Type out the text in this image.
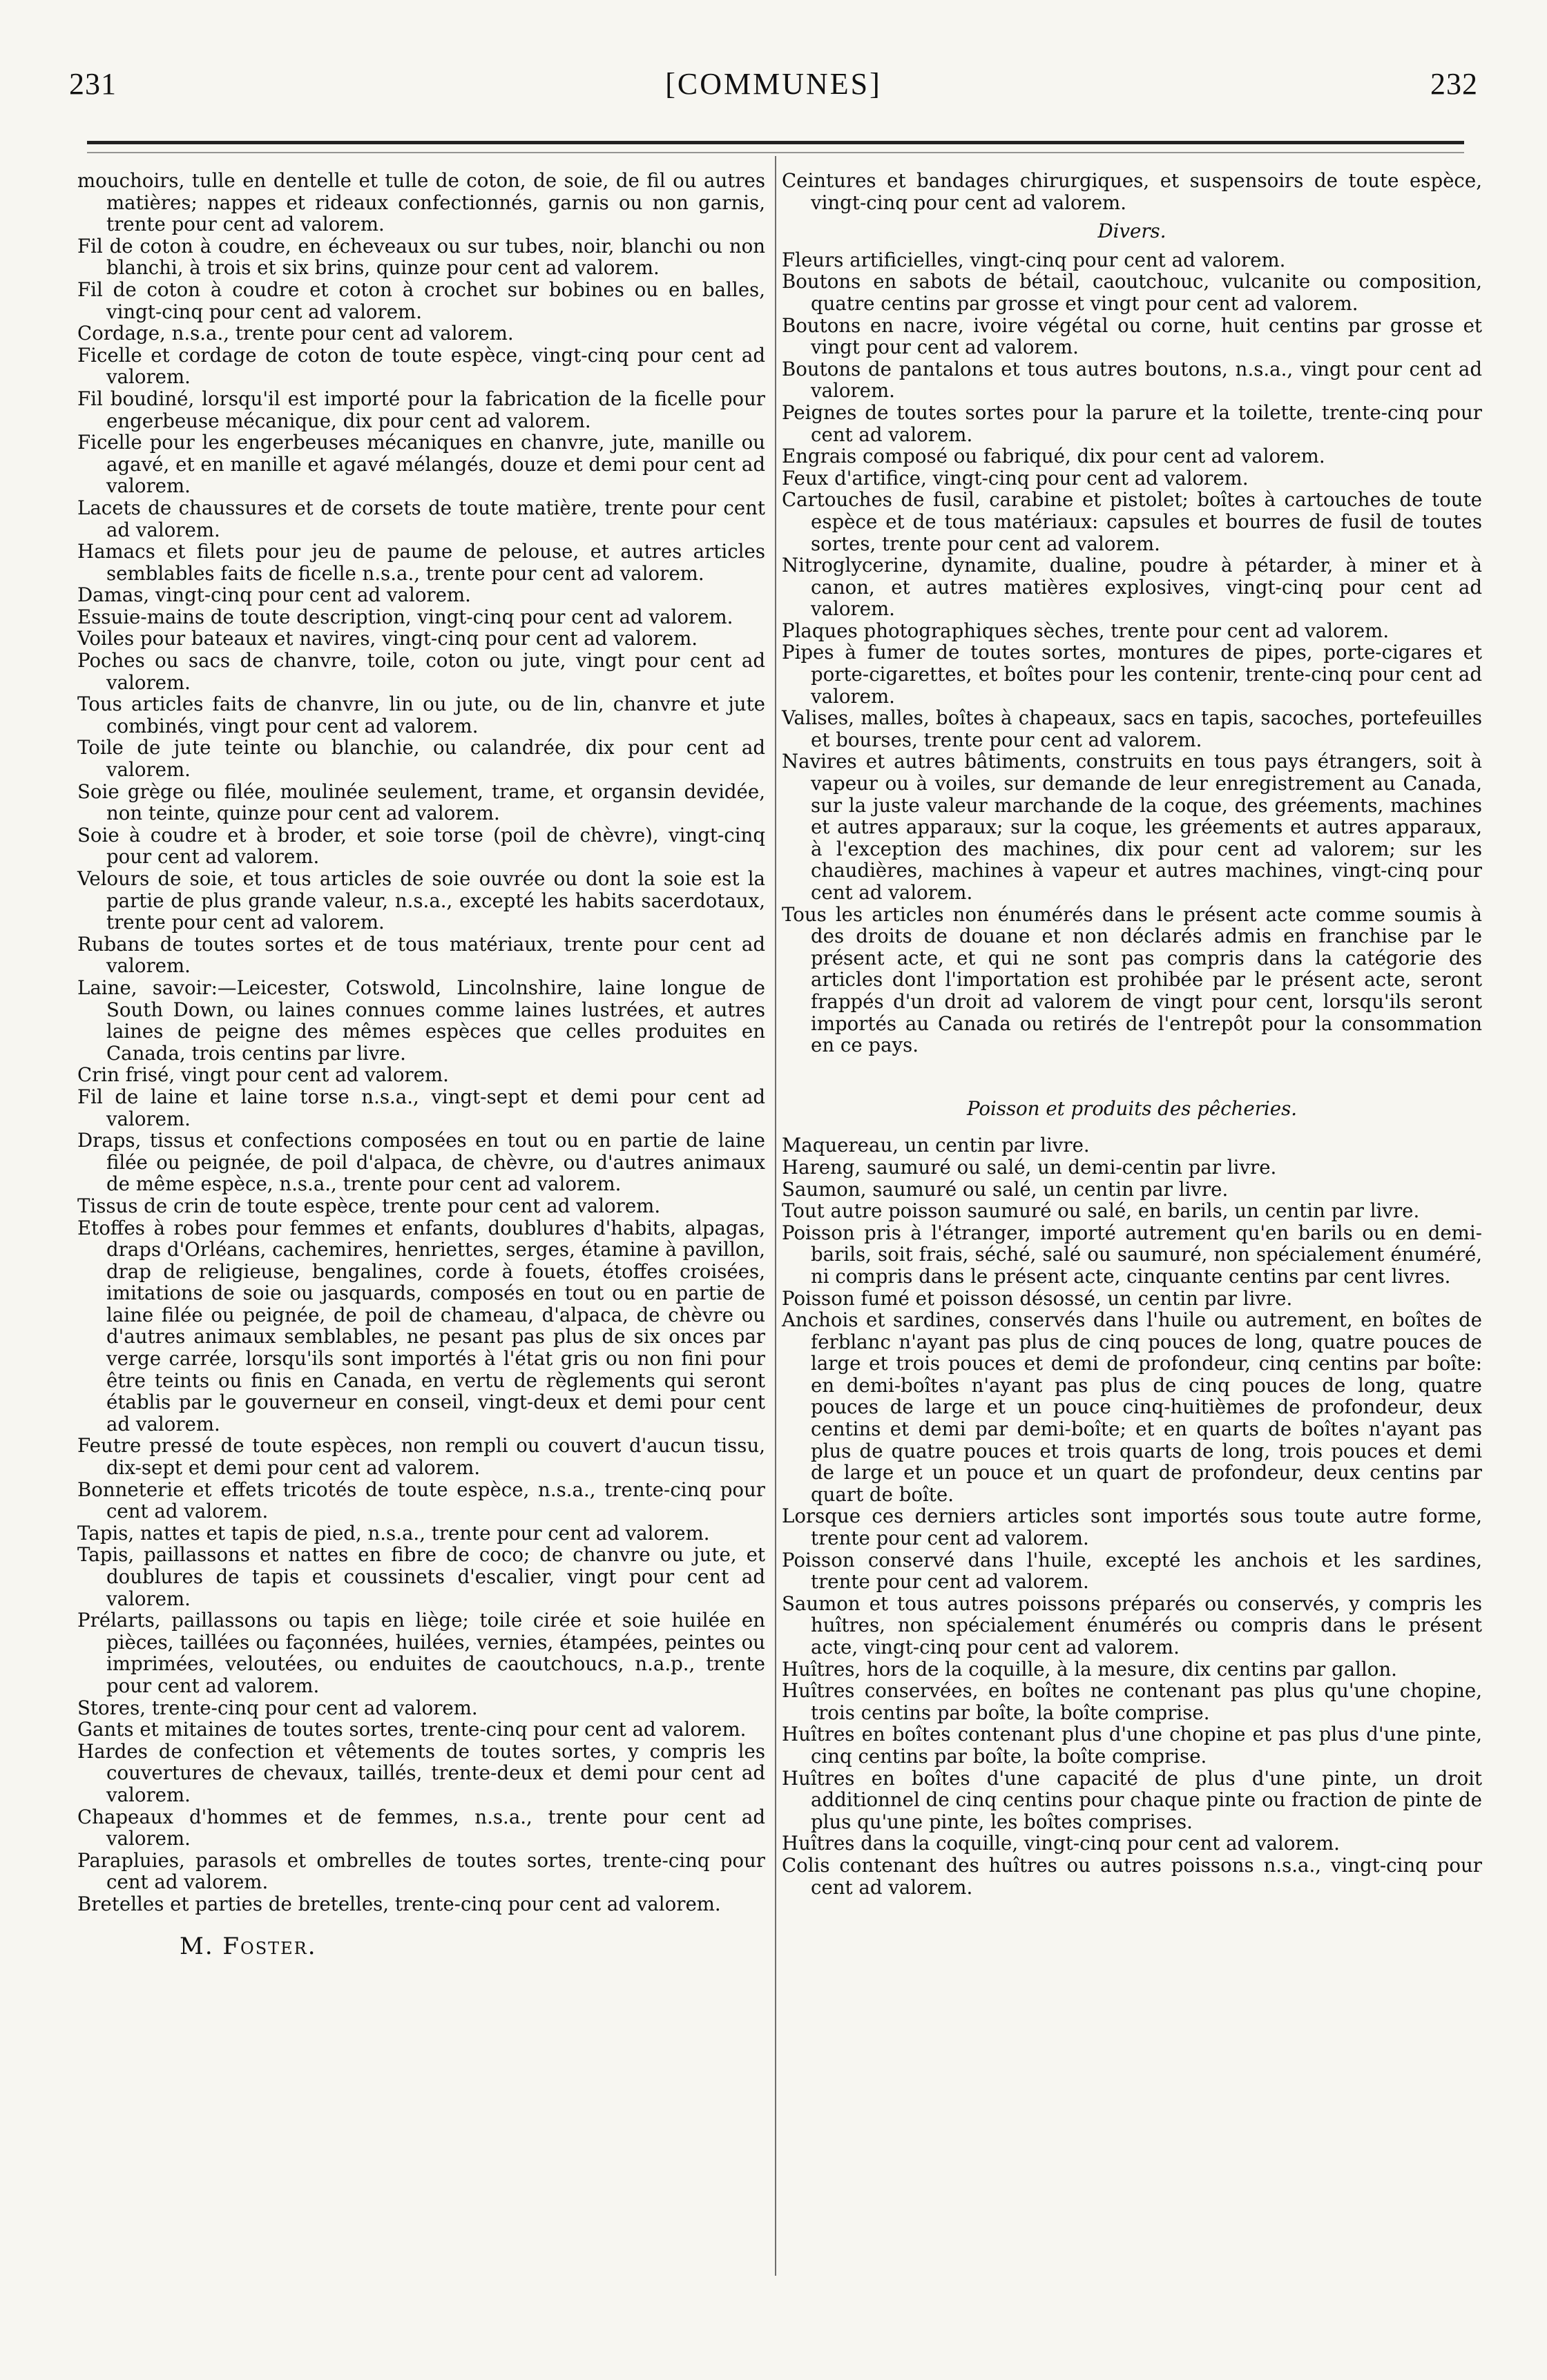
231	[COMMUNES]	232

mouchoirs, tulle en dentelle et tulle de coton, de soie, de fil ou autres matières; nappes et rideaux confectionnés, garnis ou non garnis, trente pour cent ad valorem.

Fil de coton à coudre, en écheveaux ou sur tubes, noir, blanchi ou non blanchi, à trois et six brins, quinze pour cent ad valorem.

Fil de coton à coudre et coton à crochet sur bobines ou en balles, vingt-cinq pour cent ad valorem.

Cordage, n.s.a., trente pour cent ad valorem.

Ficelle et cordage de coton de toute espèce, vingt-cinq pour cent ad valorem.

Fil boudiné, lorsqu'il est importé pour la fabrication de la ficelle pour engerbeuse mécanique, dix pour cent ad valorem.

Ficelle pour les engerbeuses mécaniques en chanvre, jute, manille ou agavé, et en manille et agavé mélangés, douze et demi pour cent ad valorem.

Lacets de chaussures et de corsets de toute matière, trente pour cent ad valorem.

Hamacs et filets pour jeu de paume de pelouse, et autres articles semblables faits de ficelle n.s.a., trente pour cent ad valorem.

Damas, vingt-cinq pour cent ad valorem.

Essuie-mains de toute description, vingt-cinq pour cent ad valorem.

Voiles pour bateaux et navires, vingt-cinq pour cent ad valorem.

Poches ou sacs de chanvre, toile, coton ou jute, vingt pour cent ad valorem.

Tous articles faits de chanvre, lin ou jute, ou de lin, chanvre et jute combinés, vingt pour cent ad valorem.

Toile de jute teinte ou blanchie, ou calandrée, dix pour cent ad valorem.

Soie grège ou filée, moulinée seulement, trame, et organsin devidée, non teinte, quinze pour cent ad valorem.

Soie à coudre et à broder, et soie torse (poil de chèvre), vingt-cinq pour cent ad valorem.

Velours de soie, et tous articles de soie ouvrée ou dont la soie est la partie de plus grande valeur, n.s.a., excepté les habits sacerdotaux, trente pour cent ad valorem.

Rubans de toutes sortes et de tous matériaux, trente pour cent ad valorem.

Laine, savoir:—Leicester, Cotswold, Lincolnshire, laine longue de South Down, ou laines connues comme laines lustrées, et autres laines de peigne des mêmes espèces que celles produites en Canada, trois centins par livre.

Crin frisé, vingt pour cent ad valorem.

Fil de laine et laine torse n.s.a., vingt-sept et demi pour cent ad valorem.

Draps, tissus et confections composées en tout ou en partie de laine filée ou peignée, de poil d'alpaca, de chèvre, ou d'autres animaux de même espèce, n.s.a., trente pour cent ad valorem.

Tissus de crin de toute espèce, trente pour cent ad valorem.

Etoffes à robes pour femmes et enfants, doublures d'habits, alpagas, draps d'Orléans, cachemires, henriettes, serges, étamine à pavillon, drap de religieuse, bengalines, corde à fouets, étoffes croisées, imitations de soie ou jasquards, composés en tout ou en partie de laine filée ou peignée, de poil de chameau, d'alpaca, de chèvre ou d'autres animaux semblables, ne pesant pas plus de six onces par verge carrée, lorsqu'ils sont importés à l'état gris ou non fini pour être teints ou finis en Canada, en vertu de règlements qui seront établis par le gouverneur en conseil, vingt-deux et demi pour cent ad valorem.

Feutre pressé de toute espèces, non rempli ou couvert d'aucun tissu, dix-sept et demi pour cent ad valorem.

Bonneterie et effets tricotés de toute espèce, n.s.a., trente-cinq pour cent ad valorem.

Tapis, nattes et tapis de pied, n.s.a., trente pour cent ad valorem.

Tapis, paillassons et nattes en fibre de coco; de chanvre ou jute, et doublures de tapis et coussinets d'escalier, vingt pour cent ad valorem.

Prélarts, paillassons ou tapis en liège; toile cirée et soie huilée en pièces, taillées ou façonnées, huilées, vernies, étampées, peintes ou imprimées, veloutées, ou enduites de caoutchoucs, n.a.p., trente pour cent ad valorem.

Stores, trente-cinq pour cent ad valorem.

Gants et mitaines de toutes sortes, trente-cinq pour cent ad valorem.

Hardes de confection et vêtements de toutes sortes, y compris les couvertures de chevaux, taillés, trente-deux et demi pour cent ad valorem.

Chapeaux d'hommes et de femmes, n.s.a., trente pour cent ad valorem.

Parapluies, parasols et ombrelles de toutes sortes, trente-cinq pour cent ad valorem.

Bretelles et parties de bretelles, trente-cinq pour cent ad valorem.

M. Foster.

Ceintures et bandages chirurgiques, et suspensoirs de toute espèce, vingt-cinq pour cent ad valorem.

Divers.

Fleurs artificielles, vingt-cinq pour cent ad valorem.

Boutons en sabots de bétail, caoutchouc, vulcanite ou composition, quatre centins par grosse et vingt pour cent ad valorem.

Boutons en nacre, ivoire végétal ou corne, huit centins par grosse et vingt pour cent ad valorem.

Boutons de pantalons et tous autres boutons, n.s.a., vingt pour cent ad valorem.

Peignes de toutes sortes pour la parure et la toilette, trente-cinq pour cent ad valorem.

Engrais composé ou fabriqué, dix pour cent ad valorem.

Feux d'artifice, vingt-cinq pour cent ad valorem.

Cartouches de fusil, carabine et pistolet; boîtes à cartouches de toute espèce et de tous matériaux: capsules et bourres de fusil de toutes sortes, trente pour cent ad valorem.

Nitroglycerine, dynamite, dualine, poudre à pétarder, à miner et à canon, et autres matières explosives, vingt-cinq pour cent ad valorem.

Plaques photographiques sèches, trente pour cent ad valorem.

Pipes à fumer de toutes sortes, montures de pipes, porte-cigares et porte-cigarettes, et boîtes pour les contenir, trente-cinq pour cent ad valorem.

Valises, malles, boîtes à chapeaux, sacs en tapis, sacoches, portefeuilles et bourses, trente pour cent ad valorem.

Navires et autres bâtiments, construits en tous pays étrangers, soit à vapeur ou à voiles, sur demande de leur enregistrement au Canada, sur la juste valeur marchande de la coque, des gréements, machines et autres apparaux; sur la coque, les gréements et autres apparaux, à l'exception des machines, dix pour cent ad valorem; sur les chaudières, machines à vapeur et autres machines, vingt-cinq pour cent ad valorem.

Tous les articles non énumérés dans le présent acte comme soumis à des droits de douane et non déclarés admis en franchise par le présent acte, et qui ne sont pas compris dans la catégorie des articles dont l'importation est prohibée par le présent acte, seront frappés d'un droit ad valorem de vingt pour cent, lorsqu'ils seront importés au Canada ou retirés de l'entrepôt pour la consommation en ce pays.

Poisson et produits des pêcheries.

Maquereau, un centin par livre.

Hareng, saumuré ou salé, un demi-centin par livre.

Saumon, saumuré ou salé, un centin par livre.

Tout autre poisson saumuré ou salé, en barils, un centin par livre.

Poisson pris à l'étranger, importé autrement qu'en barils ou en demi-barils, soit frais, séché, salé ou saumuré, non spécialement énuméré, ni compris dans le présent acte, cinquante centins par cent livres.

Poisson fumé et poisson désossé, un centin par livre.

Anchois et sardines, conservés dans l'huile ou autrement, en boîtes de ferblanc n'ayant pas plus de cinq pouces de long, quatre pouces de large et trois pouces et demi de profondeur, cinq centins par boîte: en demi-boîtes n'ayant pas plus de cinq pouces de long, quatre pouces de large et un pouce cinq-huitièmes de profondeur, deux centins et demi par demi-boîte; et en quarts de boîtes n'ayant pas plus de quatre pouces et trois quarts de long, trois pouces et demi de large et un pouce et un quart de profondeur, deux centins par quart de boîte.

Lorsque ces derniers articles sont importés sous toute autre forme, trente pour cent ad valorem.

Poisson conservé dans l'huile, excepté les anchois et les sardines, trente pour cent ad valorem.

Saumon et tous autres poissons préparés ou conservés, y compris les huîtres, non spécialement énumérés ou compris dans le présent acte, vingt-cinq pour cent ad valorem.

Huîtres, hors de la coquille, à la mesure, dix centins par gallon.

Huîtres conservées, en boîtes ne contenant pas plus qu'une chopine, trois centins par boîte, la boîte comprise.

Huîtres en boîtes contenant plus d'une chopine et pas plus d'une pinte, cinq centins par boîte, la boîte comprise.

Huîtres en boîtes d'une capacité de plus d'une pinte, un droit additionnel de cinq centins pour chaque pinte ou fraction de pinte de plus qu'une pinte, les boîtes comprises.

Huîtres dans la coquille, vingt-cinq pour cent ad valorem.

Colis contenant des huîtres ou autres poissons n.s.a., vingt-cinq pour cent ad valorem.
